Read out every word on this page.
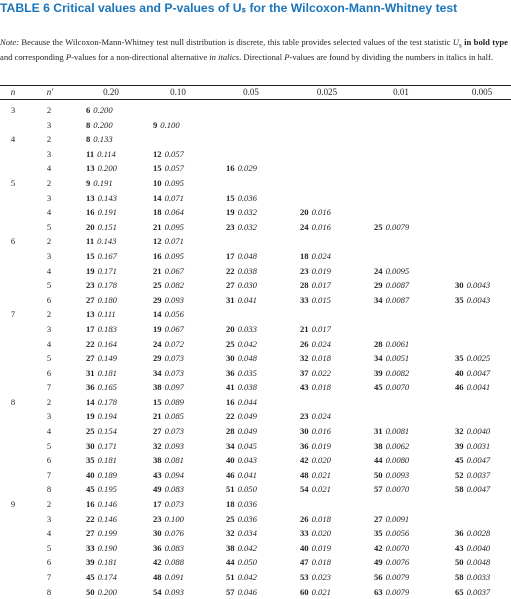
TABLE 6 Critical values and P-values of Uₛ for the Wilcoxon-Mann-Whitney test
Note: Because the Wilcoxon-Mann-Whitney test null distribution is discrete, this table provides selected values of the test statistic $U_s$ in bold type and corresponding P-values for a non-directional alternative in italics. Directional P-values are found by dividing the numbers in italics in half.
n	n′	0.20	0.10	0.05	0.025	0.01	0.005
3	2	6 0.200
3	8 0.200	9 0.100
4	2	8 0.133
3	11 0.114	12 0.057
4	13 0.200	15 0.057	16 0.029
5	2	9 0.191	10 0.095
3	13 0.143	14 0.071	15 0.036
4	16 0.191	18 0.064	19 0.032	20 0.016
5	20 0.151	21 0.095	23 0.032	24 0.016	25 0.0079
6	2	11 0.143	12 0.071
3	15 0.167	16 0.095	17 0.048	18 0.024
4	19 0.171	21 0.067	22 0.038	23 0.019	24 0.0095
5	23 0.178	25 0.082	27 0.030	28 0.017	29 0.0087	30 0.0043
6	27 0.180	29 0.093	31 0.041	33 0.015	34 0.0087	35 0.0043
7	2	13 0.111	14 0.056
3	17 0.183	19 0.067	20 0.033	21 0.017
4	22 0.164	24 0.072	25 0.042	26 0.024	28 0.0061
5	27 0.149	29 0.073	30 0.048	32 0.018	34 0.0051	35 0.0025
6	31 0.181	34 0.073	36 0.035	37 0.022	39 0.0082	40 0.0047
7	36 0.165	38 0.097	41 0.038	43 0.018	45 0.0070	46 0.0041
8	2	14 0.178	15 0.089	16 0.044
3	19 0.194	21 0.085	22 0.049	23 0.024
4	25 0.154	27 0.073	28 0.049	30 0.016	31 0.0081	32 0.0040
5	30 0.171	32 0.093	34 0.045	36 0.019	38 0.0062	39 0.0031
6	35 0.181	38 0.081	40 0.043	42 0.020	44 0.0080	45 0.0047
7	40 0.189	43 0.094	46 0.041	48 0.021	50 0.0093	52 0.0037
8	45 0.195	49 0.083	51 0.050	54 0.021	57 0.0070	58 0.0047
9	2	16 0.146	17 0.073	18 0.036
3	22 0.146	23 0.100	25 0.036	26 0.018	27 0.0091
4	27 0.199	30 0.076	32 0.034	33 0.020	35 0.0056	36 0.0028
5	33 0.190	36 0.083	38 0.042	40 0.019	42 0.0070	43 0.0040
6	39 0.181	42 0.088	44 0.050	47 0.018	49 0.0076	50 0.0048
7	45 0.174	48 0.091	51 0.042	53 0.023	56 0.0079	58 0.0033
8	50 0.200	54 0.093	57 0.046	60 0.021	63 0.0079	65 0.0037
